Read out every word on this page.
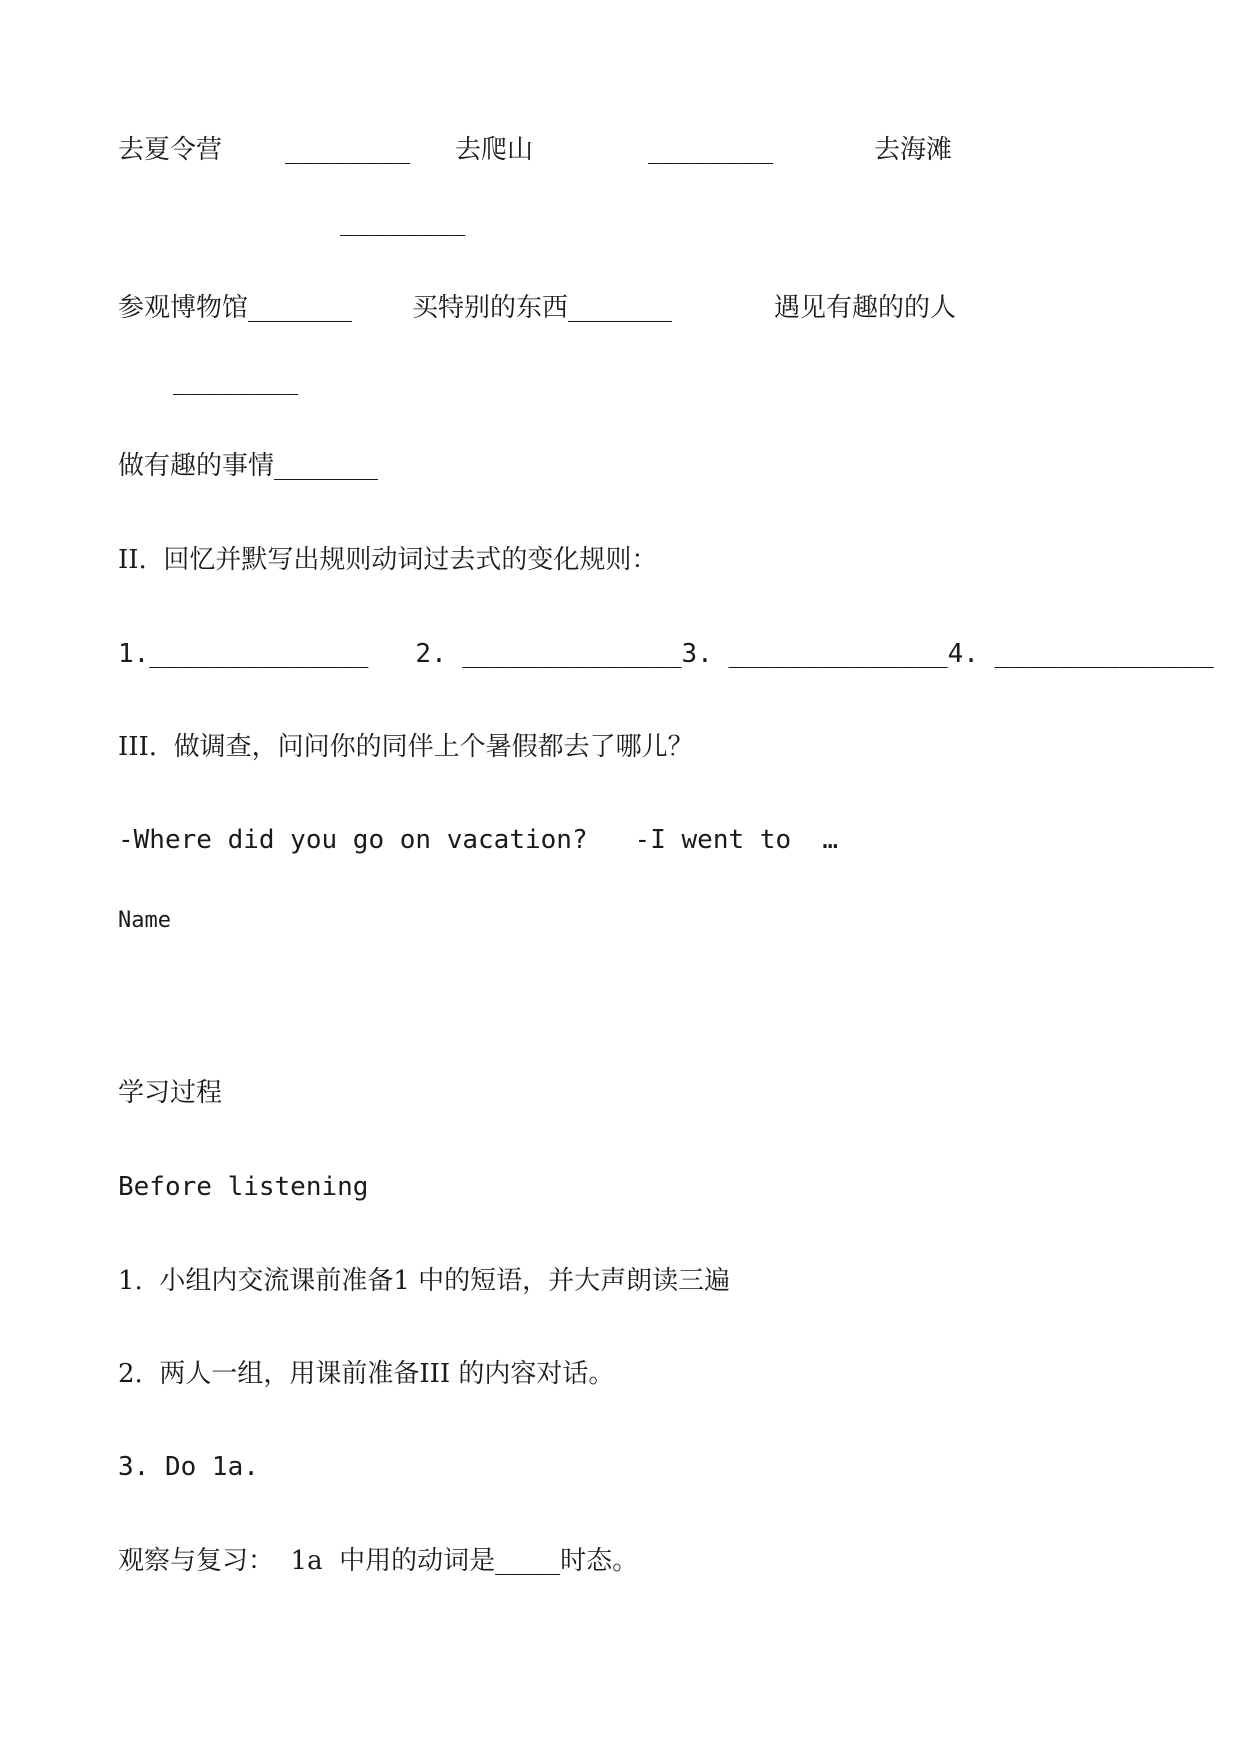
去夏令营 ________ 去爬山	________	去海滩
________
参观博物馆________ 买特别的东西________	遇见有趣的的人
________
做有趣的事情________
II.  回忆并默写出规则动词过去式的变化规则：
1.______________   2. ______________3. ______________4. ______________
III.  做调查，问问你的同伴上个暑假都去了哪儿？
-Where did you go on vacation?   -I went to  …
Name
学习过程
Before listening
1.  小组内交流课前准备1 中的短语，并大声朗读三遍
2.  两人一组，用课前准备III 的内容对话。
3. Do 1a.
观察与复习：  1a  中用的动词是_____时态。
